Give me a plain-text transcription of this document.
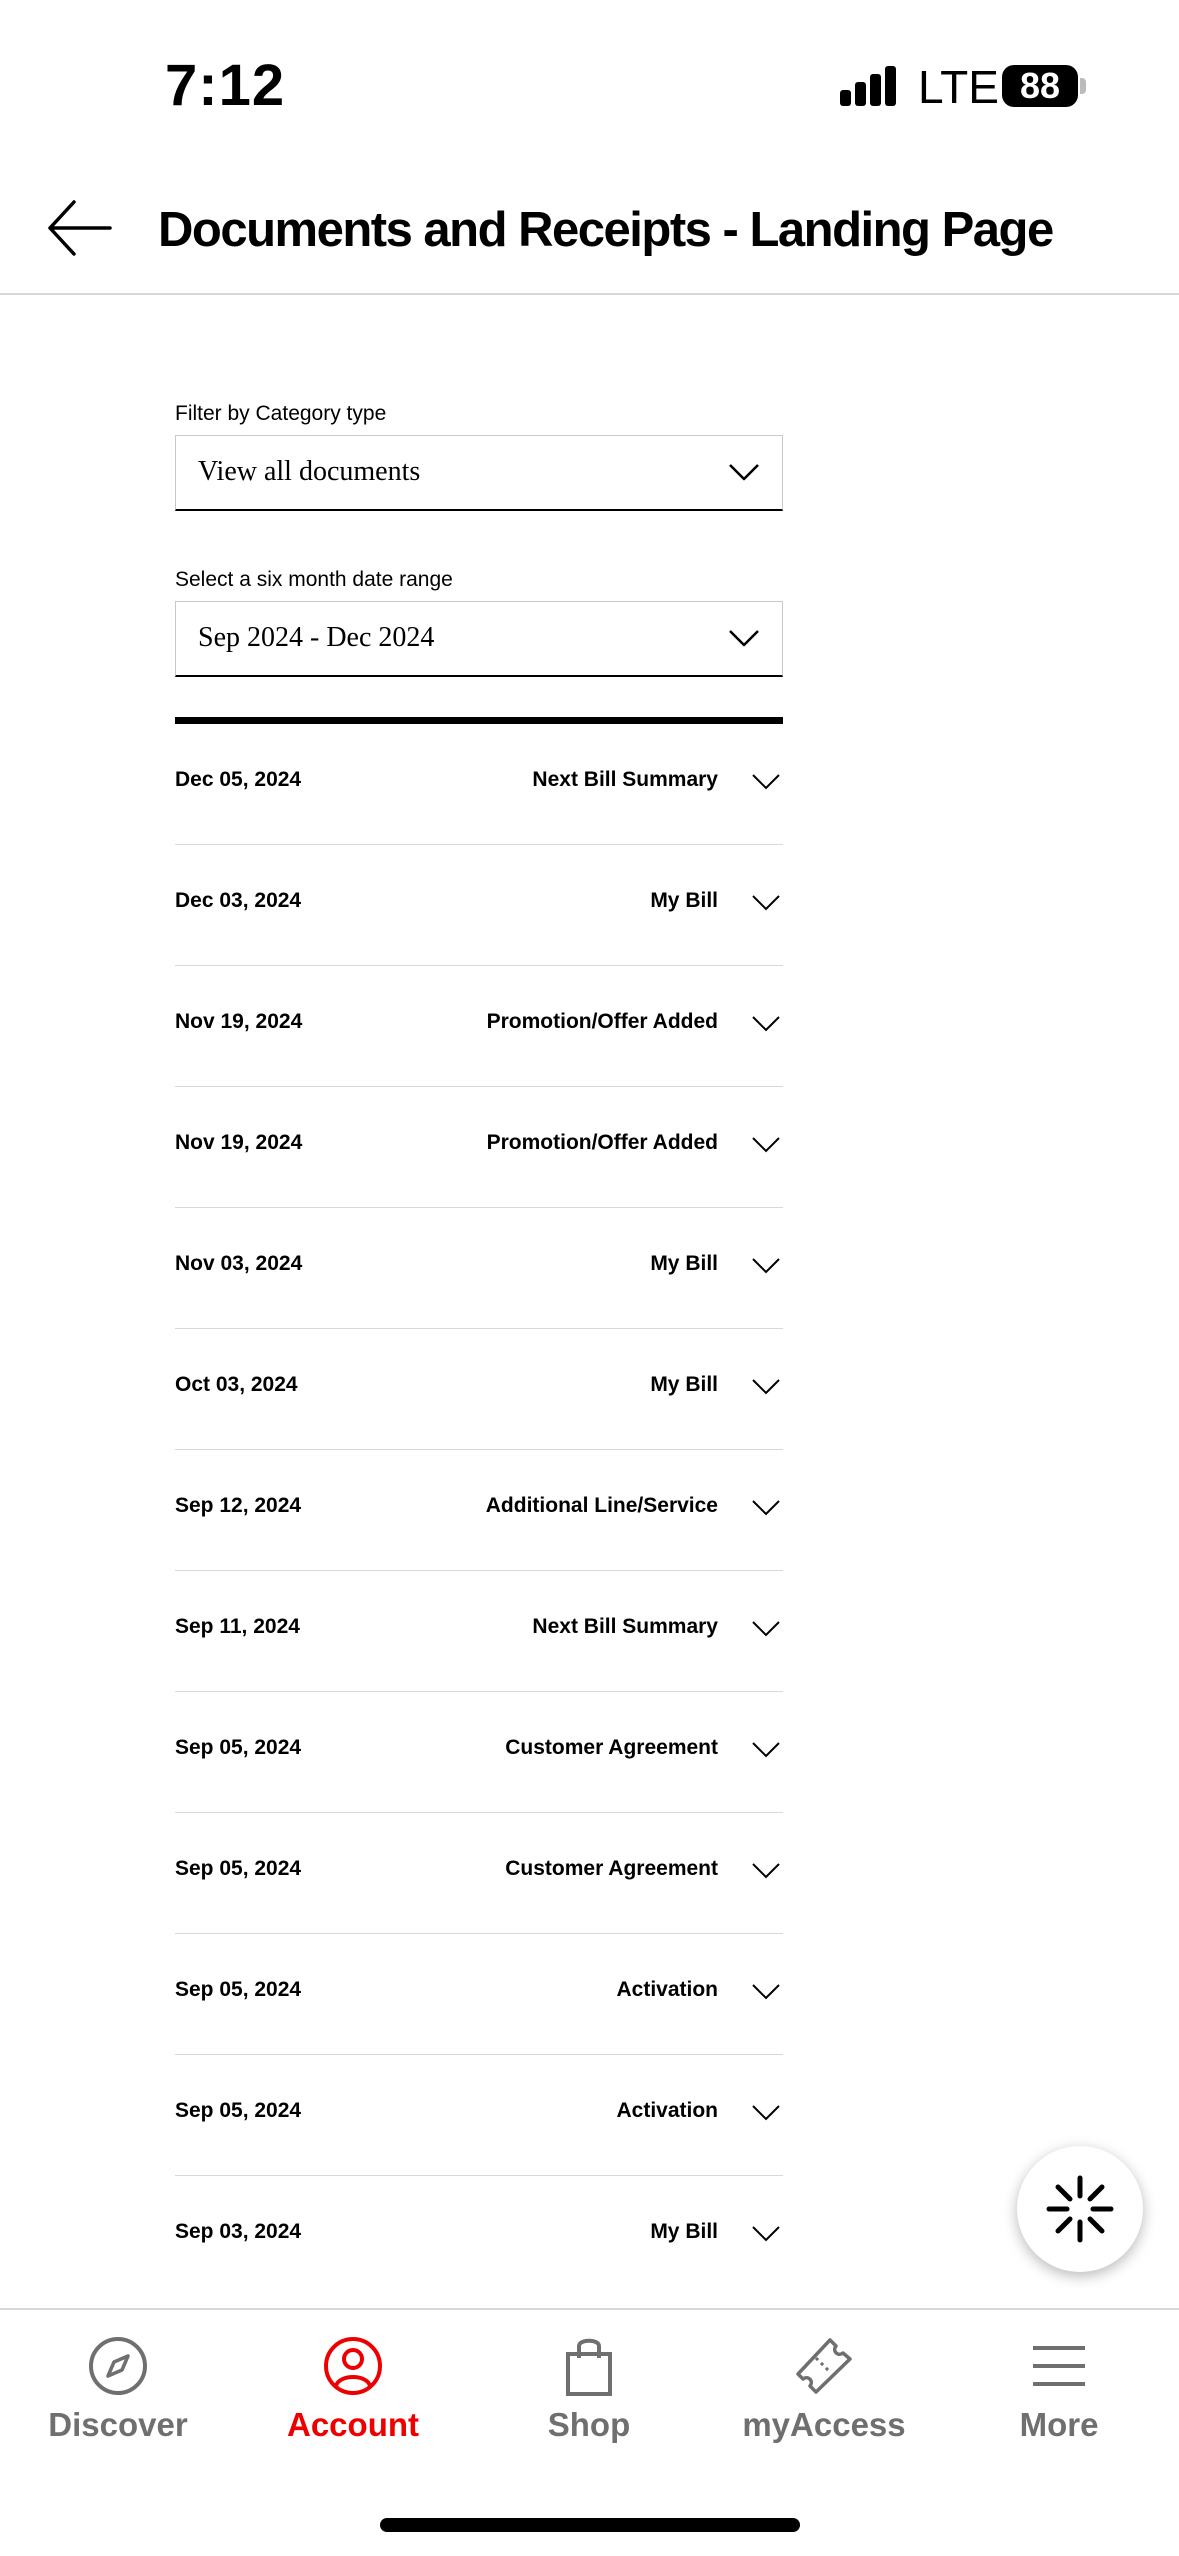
7:12	LTE 88
Documents and Receipts - Landing Page
Filter by Category type
View all documents
Select a six month date range
Sep 2024 - Dec 2024
Dec 05, 2024	Next Bill Summary
Dec 03, 2024	My Bill
Nov 19, 2024	Promotion/Offer Added
Nov 19, 2024	Promotion/Offer Added
Nov 03, 2024	My Bill
Oct 03, 2024	My Bill
Sep 12, 2024	Additional Line/Service
Sep 11, 2024	Next Bill Summary
Sep 05, 2024	Customer Agreement
Sep 05, 2024	Customer Agreement
Sep 05, 2024	Activation
Sep 05, 2024	Activation
Sep 03, 2024	My Bill
Discover	Account	Shop	myAccess	More
